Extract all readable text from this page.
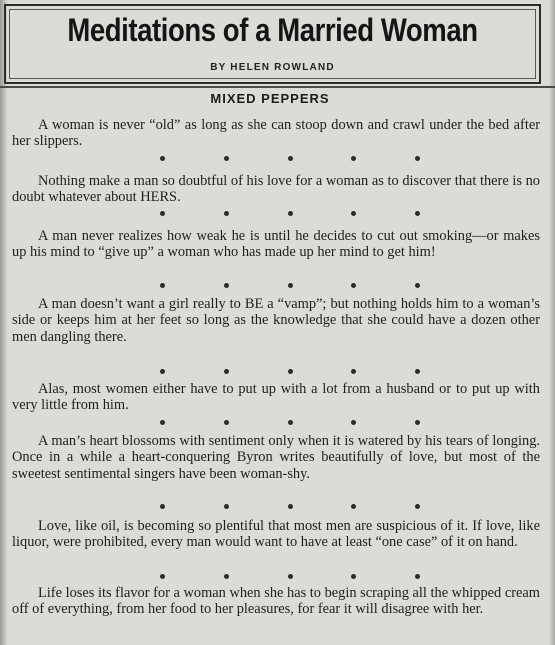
Meditations of a Married Woman
BY HELEN ROWLAND
MIXED PEPPERS
A woman is never “old” as long as she can stoop down and crawl under the bed after her slippers.
Nothing make a man so doubtful of his love for a woman as to discover that there is no doubt whatever about HERS.
A man never realizes how weak he is until he decides to cut out smoking—or makes up his mind to “give up” a woman who has made up her mind to get him!
A man doesn’t want a girl really to BE a “vamp”; but nothing holds him to a woman’s side or keeps him at her feet so long as the knowledge that she could have a dozen other men dangling there.
Alas, most women either have to put up with a lot from a husband or to put up with very little from him.
A man’s heart blossoms with sentiment only when it is watered by his tears of longing. Once in a while a heart-conquering Byron writes beautifully of love, but most of the sweetest sentimental singers have been woman-shy.
Love, like oil, is becoming so plentiful that most men are suspicious of it. If love, like liquor, were prohibited, every man would want to have at least “one case” of it on hand.
Life loses its flavor for a woman when she has to begin scraping all the whipped cream off of everything, from her food to her pleasures, for fear it will disagree with her.
